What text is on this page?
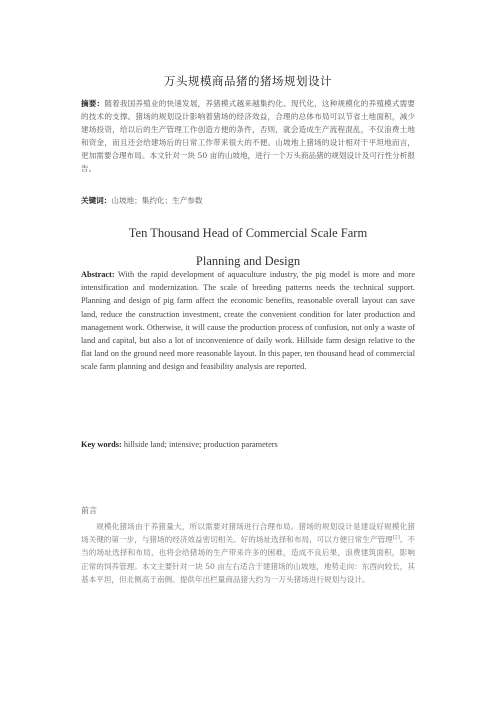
万头规模商品猪的猪场规划设计
摘要：随着我国养殖业的快速发展，养猪模式越来越集约化、现代化，这种规模化的养殖模式需要的技术的支撑。猪场的规划设计影响着猪场的经济效益，合理的总体布局可以节省土地面积，减少建场投资，给以后的生产管理工作创造方便的条件，否则，就会造成生产流程混乱，不仅浪费土地和资金，而且还会给建场后的日常工作带来很大的不便。山坡地上猪场的设计相对于平坦地而言，更加需要合理布局。本文针对一块 50 亩的山坡地，进行一个万头商品猪的规划设计及可行性分析报告。
关键词：山坡地；集约化；生产参数
Ten Thousand Head of Commercial Scale Farm
Planning and Design
Abstract: With the rapid development of aquaculture industry, the pig model is more and more intensification and modernization. The scale of breeding patterns needs the technical support. Planning and design of pig farm affect the economic benefits, reasonable overall layout can save land, reduce the construction investment, create the convenient condition for later production and management work. Otherwise, it will cause the production process of confusion, not only a waste of land and capital, but also a lot of inconvenience of daily work. Hillside farm design relative to the flat land on the ground need more reasonable layout. In this paper, ten thousand head of commercial scale farm planning and design and feasibility analysis are reported.
Key words: hillside land; intensive; production parameters
前言
规模化猪场由于养猪量大，所以需要对猪场进行合理布局。猪场的规划设计是建设好规模化猪场关键的第一步，与猪场的经济效益密切相关。好的场址选择和布局，可以方便日常生产管理[2]。不当的场址选择和布局，也将会给猪场的生产带来许多的困难，造成不良后果，浪费建筑面积，影响正常的饲养管理。本文主要针对一块 50 亩左右适合于建猪场的山坡地，地势走向：东西向较长，其基本平坦，但北侧高于南侧。提供年出栏量商品猪大约为一万头猪场进行规划与设计。
